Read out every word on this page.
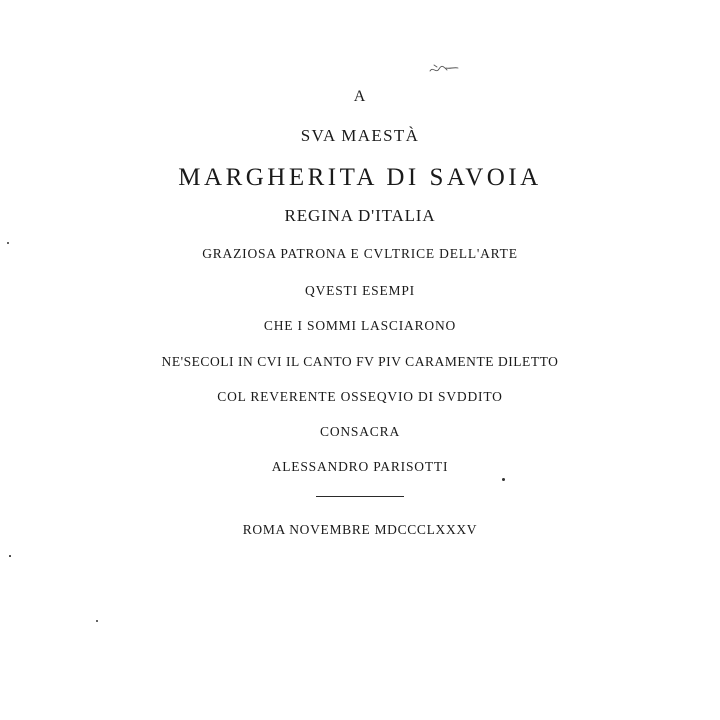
A
SVA MAESTÀ
MARGHERITA DI SAVOIA
REGINA D'ITALIA
GRAZIOSA PATRONA E CVLTRICE DELL'ARTE
QVESTI ESEMPI
CHE I SOMMI LASCIARONO
NE'SECOLI IN CVI IL CANTO FV PIV CARAMENTE DILETTO
COL REVERENTE OSSEQVIO DI SVDDITO
CONSACRA
ALESSANDRO PARISOTTI
ROMA NOVEMBRE MDCCCLXXXV
